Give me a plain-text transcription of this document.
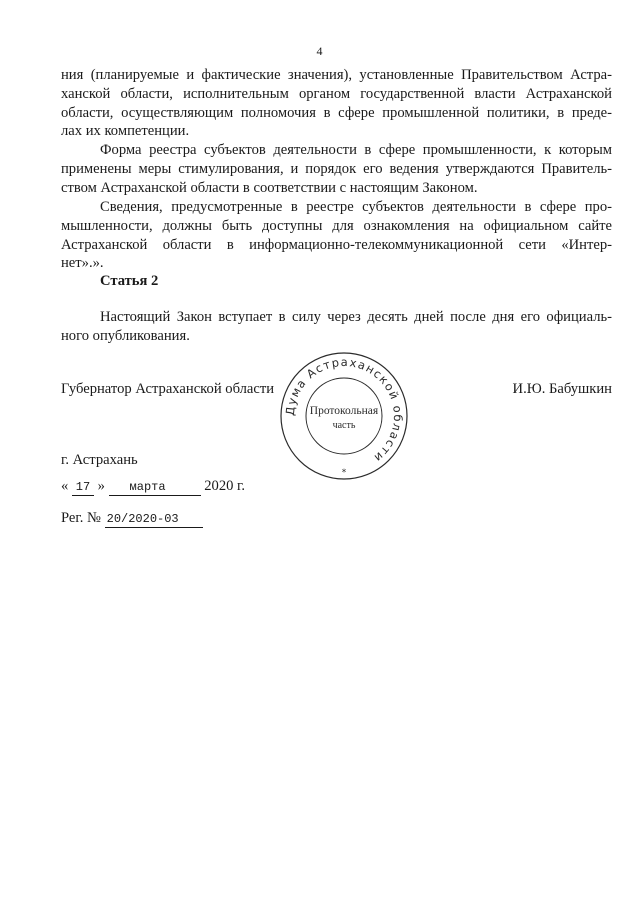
4
ния (планируемые и фактические значения), установленные Правительством Астра-
ханской области, исполнительным органом государственной власти Астраханской
области, осуществляющим полномочия в сфере промышленной политики, в преде-
лах их компетенции.
Форма реестра субъектов деятельности в сфере промышленности, к которым
применены меры стимулирования, и порядок его ведения утверждаются Правитель-
ством Астраханской области в соответствии с настоящим Законом.
Сведения, предусмотренные в реестре субъектов деятельности в сфере про-
мышленности, должны быть доступны для ознакомления на официальном сайте
Астраханской области в информационно-телекоммуникационной сети «Интер-
нет».».
Статья 2
Настоящий Закон вступает в силу через десять дней после дня его официаль-
ного опубликования.
Губернатор Астраханской области	И.Ю. Бабушкин
Дума Астраханской области
Протокольная
часть
*
г. Астрахань
« 17 » марта	2020 г.
Рег. № 20/2020-03
